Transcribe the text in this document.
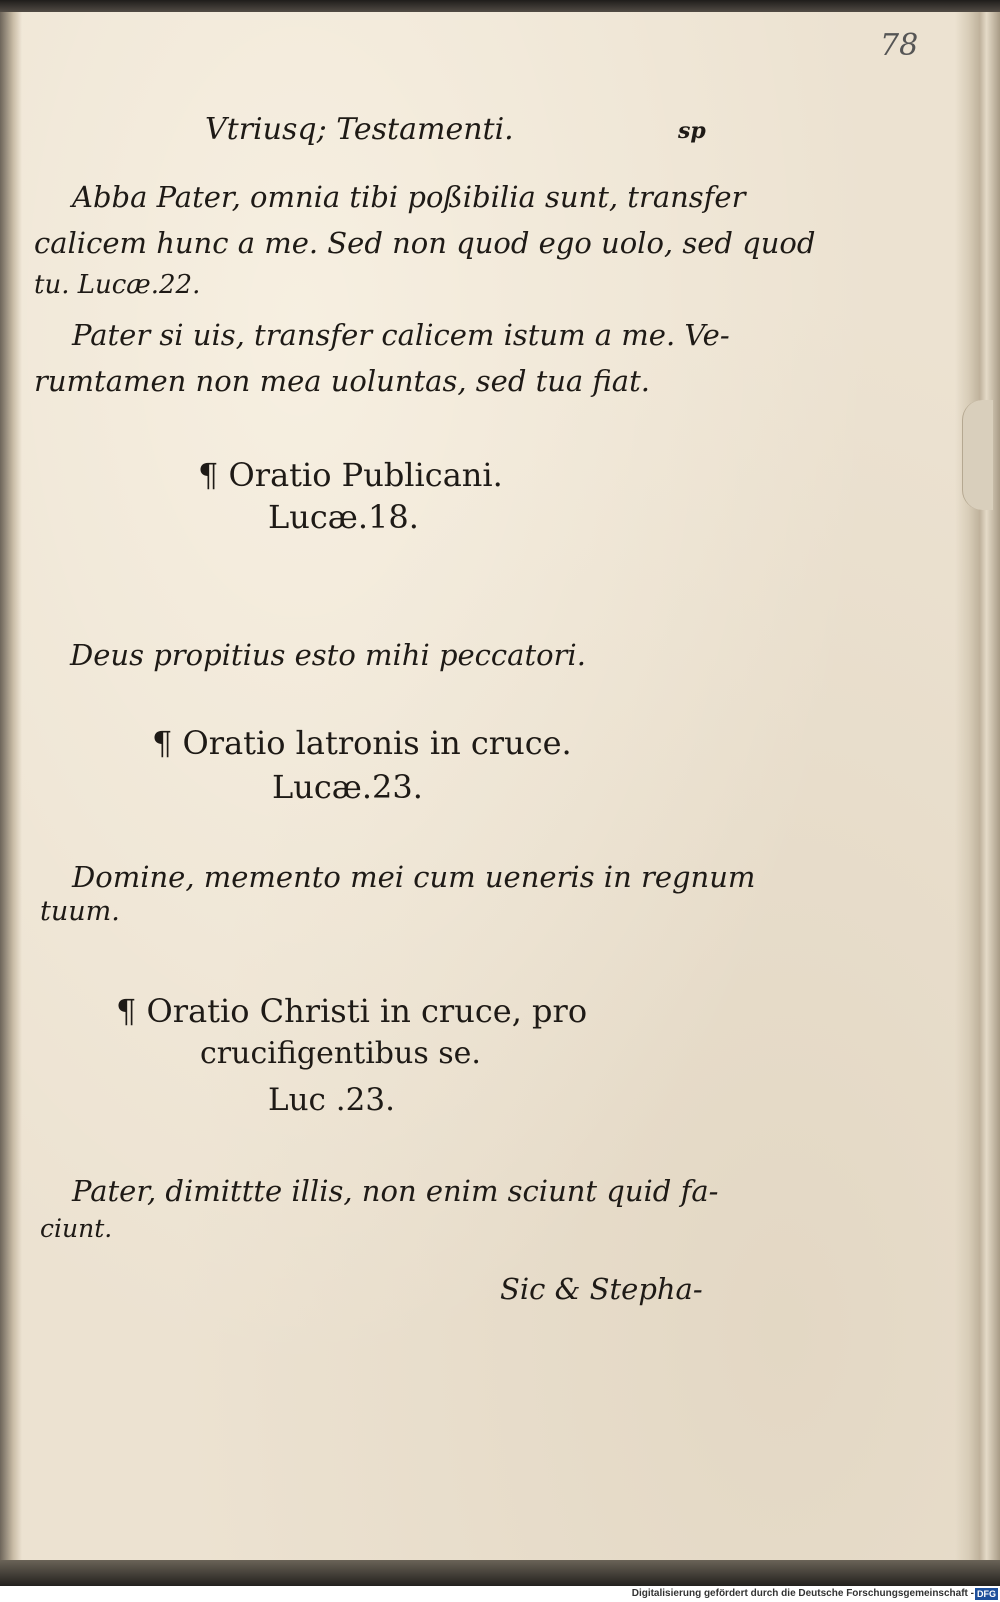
78
Vtriusq; Testamenti.	sp
Abba Pater, omnia tibi poßibilia sunt, transfer
calicem hunc a me. Sed non quod ego uolo, sed quod
tu. Lucæ.22.
Pater si uis, transfer calicem istum a me. Ve-
rumtamen non mea uoluntas, sed tua fiat.
¶ Oratio Publicani.
Lucæ.18.
Deus propitius esto mihi peccatori.
¶ Oratio latronis in cruce.
Lucæ.23.
Domine, memento mei cum ueneris in regnum
tuum.
¶ Oratio Christi in cruce, pro
crucifigentibus se.
Luc .23.
Pater, dimittte illis, non enim sciunt quid fa-
ciunt.
Sic & Stepha-
Digitalisierung gefördert durch die Deutsche Forschungsgemeinschaft - DFG
